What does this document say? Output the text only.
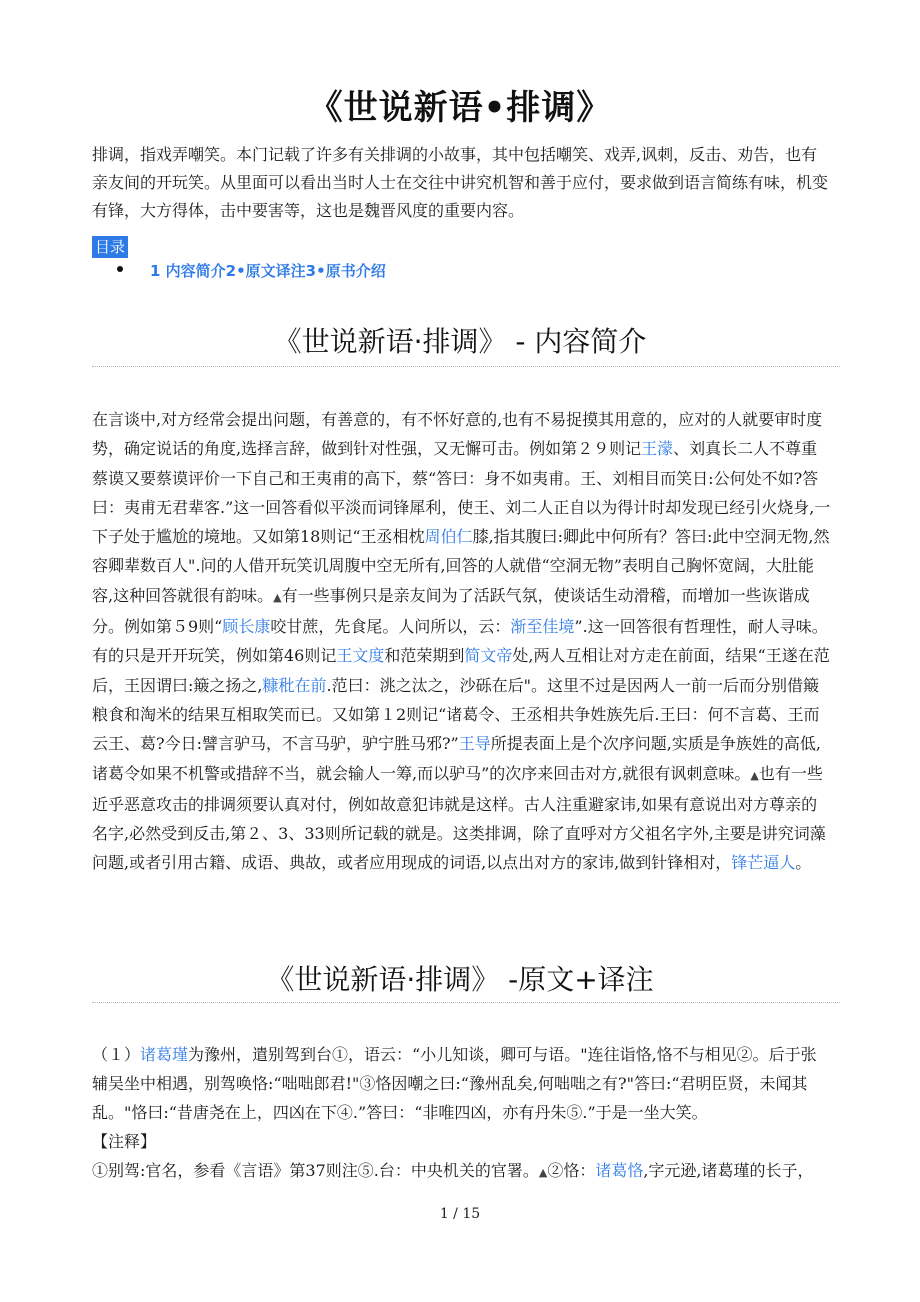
《世说新语•排调》

排调，指戏弄嘲笑。本门记载了许多有关排调的小故事，其中包括嘲笑、戏弄,讽刺，反击、劝告，也有亲友间的开玩笑。从里面可以看出当时人士在交往中讲究机智和善于应付，要求做到语言简练有味，机变有锋，大方得体，击中要害等，这也是魏晋风度的重要内容。

目录
1 内容简介2•原文译注3•原书介绍
《世说新语·排调》 - 内容简介

在言谈中,对方经常会提出问题，有善意的，有不怀好意的,也有不易捉摸其用意的，应对的人就要审时度势，确定说话的角度,选择言辞，做到针对性强，又无懈可击。例如第２９则记王濛、刘真长二人不尊重蔡谟又要蔡谟评价一下自己和王夷甫的高下，蔡“答曰：身不如夷甫。王、刘相目而笑日:公何处不如?答曰：夷甫无君辈客.”这一回答看似平淡而词锋犀利，使王、刘二人正自以为得计时却发现已经引火烧身,一下子处于尴尬的境地。又如第18则记“王丞相枕周伯仁膝,指其腹曰:卿此中何所有？答曰:此中空洞无物,然容卿辈数百人".问的人借开玩笑讥周腹中空无所有,回答的人就借“空洞无物”表明自己胸怀宽阔，大肚能容,这种回答就很有韵味。▲有一些事例只是亲友间为了活跃气氛，使谈话生动滑稽，而增加一些诙谐成分。例如第５9则“顾长康咬甘蔗，先食尾。人问所以，云：渐至佳境”.这一回答很有哲理性，耐人寻味。有的只是开开玩笑，例如第46则记王文度和范荣期到简文帝处,两人互相让对方走在前面，结果“王遂在范后，王因谓曰:簸之扬之,糠秕在前.范曰：洮之汰之，沙砾在后"。这里不过是因两人一前一后而分别借簸粮食和淘米的结果互相取笑而已。又如第１2则记“诸葛令、王丞相共争姓族先后.王曰：何不言葛、王而云王、葛?今日:譬言驴马，不言马驴，驴宁胜马邪?”王导所提表面上是个次序问题,实质是争族姓的高低,诸葛令如果不机警或措辞不当，就会输人一筹,而以驴马”的次序来回击对方,就很有讽刺意味。▲也有一些近乎恶意攻击的排调须要认真对付，例如故意犯讳就是这样。古人注重避家讳,如果有意说出对方尊亲的名字,必然受到反击,第２、3、33则所记载的就是。这类排调，除了直呼对方父祖名字外,主要是讲究词藻问题,或者引用古籍、成语、典故，或者应用现成的词语,以点出对方的家讳,做到针锋相对，锋芒逼人。

《世说新语·排调》 -原文+译注

（１）诸葛瑾为豫州，遣别驾到台①，语云：“小儿知谈，卿可与语。"连往诣恪,恪不与相见②。后于张辅吴坐中相遇，别驾唤恪:“咄咄郎君!"③恪因嘲之曰:“豫州乱矣,何咄咄之有?"答曰:“君明臣贤，未闻其乱。"恪曰:“昔唐尧在上，四凶在下④.”答曰：“非唯四凶，亦有丹朱⑤.”于是一坐大笑。
【注释】
①别驾:官名，参看《言语》第37则注⑤.台：中央机关的官署。▲②恪：诸葛恪,字元逊,诸葛瑾的长子，

1 / 15
